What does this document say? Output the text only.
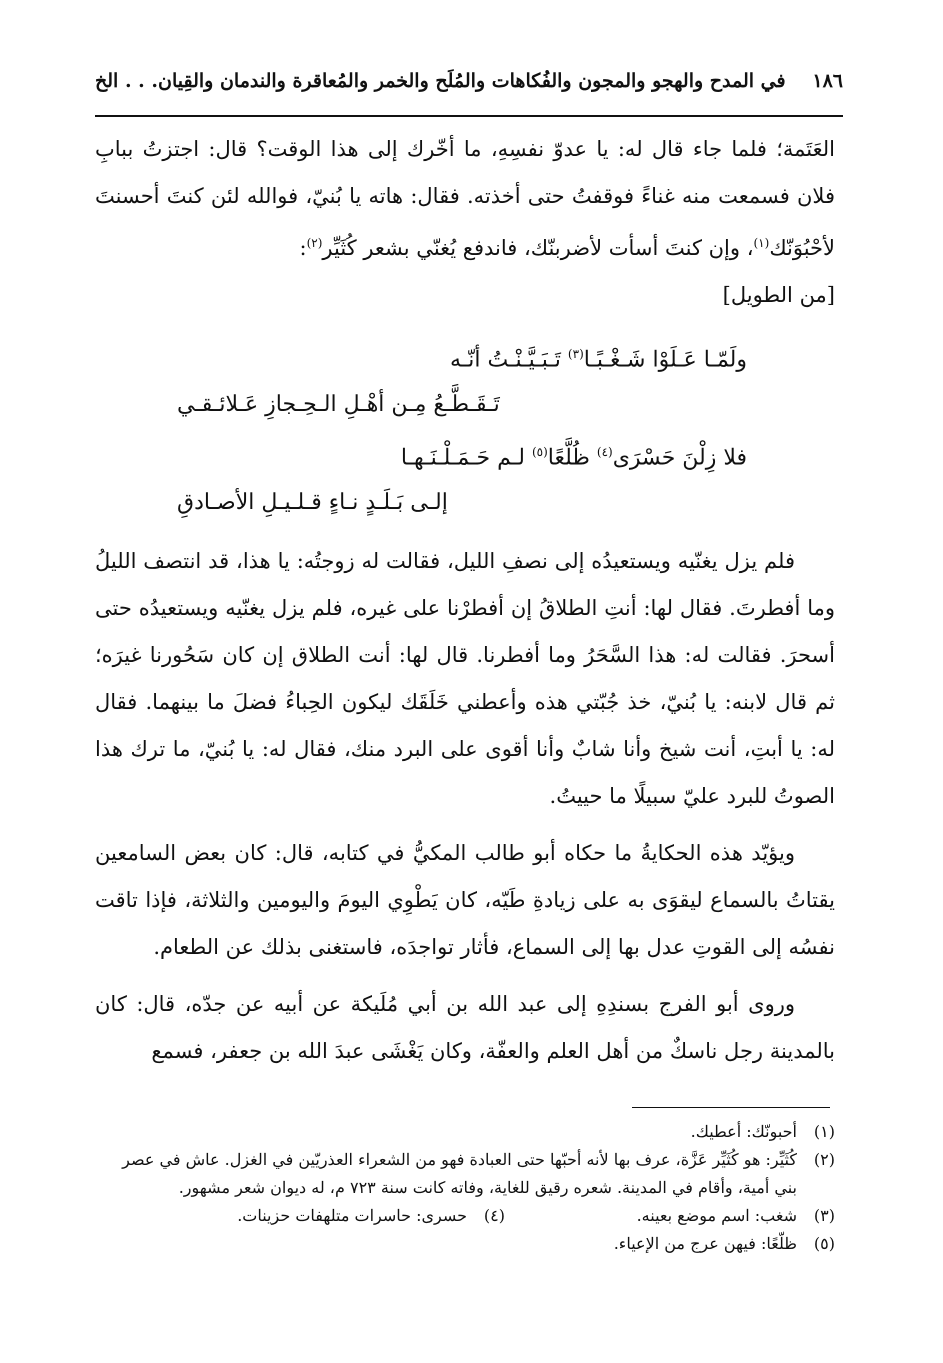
١٨٦
في المدح والهجو والمجون والفُكاهات والمُلَح والخمر والمُعاقرة والندمان والقِيان. . . الخ

العَتَمة؛ فلما جاء قال له: يا عدوّ نفسِهِ، ما أخّرك إلى هذا الوقت؟ قال: اجتزتُ ببابِ فلان فسمعت منه غناءً فوقفتُ حتى أخذته. فقال: هاته يا بُنيّ، فوالله لئن كنتَ أحسنتَ لأحْبُوَنّك$^{(١)}$، وإن كنتَ أسأت لأضربنّك، فاندفع يُغنّي بشعر كُثَيِّر$^{(٢)}$:

[من الطويل]

ولَمّـا عَـلَوْا شَـغْـبًـا$^{(٣)}$ تَـبَـيَّـنْـتُ أنّـه
تَـقَـطَّـعُ مِـن أهْـلِ الـحِـجازِ عَـلائـقـي
فلا زِلْنَ حَسْرَى$^{(٤)}$ ظُلَّعًا$^{(٥)}$ لـم حَـمَـلْـنَـهـا
إلـى بَـلَـدٍ نـاءٍ قـلـيـلِ الأصـادقِ

فلم يزل يغنّيه ويستعيدُه إلى نصفِ الليل، فقالت له زوجتُه: يا هذا، قد انتصف الليلُ وما أفطرتَ. فقال لها: أنتِ الطلاقُ إن أفطرْنا على غيره، فلم يزل يغنّيه ويستعيدُه حتى أسحرَ. فقالت له: هذا السَّحَرُ وما أفطرنا. قال لها: أنت الطلاق إن كان سَحُورنا غيرَه؛ ثم قال لابنه: يا بُنيّ، خذ جُبّتي هذه وأعطني خَلَقَك ليكون الحِباءُ فضلَ ما بينهما. فقال له: يا أبتِ، أنت شيخ وأنا شابٌ وأنا أقوى على البرد منك، فقال له: يا بُنيّ، ما ترك هذا الصوتُ للبرد عليّ سبيلًا ما حييتُ.

ويؤيّد هذه الحكايةُ ما حكاه أبو طالب المكيُّ في كتابه، قال: كان بعض السامعين يقتاتُ بالسماع ليقوَى به على زيادةِ طَيّه، كان يَطْوِي اليومَ واليومين والثلاثة، فإذا تاقت نفسُه إلى القوتِ عدل بها إلى السماع، فأثار تواجدَه، فاستغنى بذلك عن الطعام.

وروى أبو الفرج بسندِهِ إلى عبد الله بن أبي مُلَيكة عن أبيه عن جدّه، قال: كان بالمدينة رجل ناسكٌ من أهل العلم والعفّة، وكان يَغْشَى عبدَ الله بن جعفر، فسمع

(١)
أحبونّك: أعطيك.
(٢)
كُثَيِّر: هو كُثَيِّر عَزَّة، عرف بها لأنه أحبّها حتى العبادة فهو من الشعراء العذريّين في الغزل. عاش في عصر بني أمية، وأقام في المدينة. شعره رقيق للغاية، وفاته كانت سنة ٧٢٣ م، له ديوان شعر مشهور.
(٣)
شغب: اسم موضع بعينه.
(٤)
حسرى: حاسرات متلهفات حزينات.
(٥)
ظلّعًا: فيهن عرج من الإعياء.
